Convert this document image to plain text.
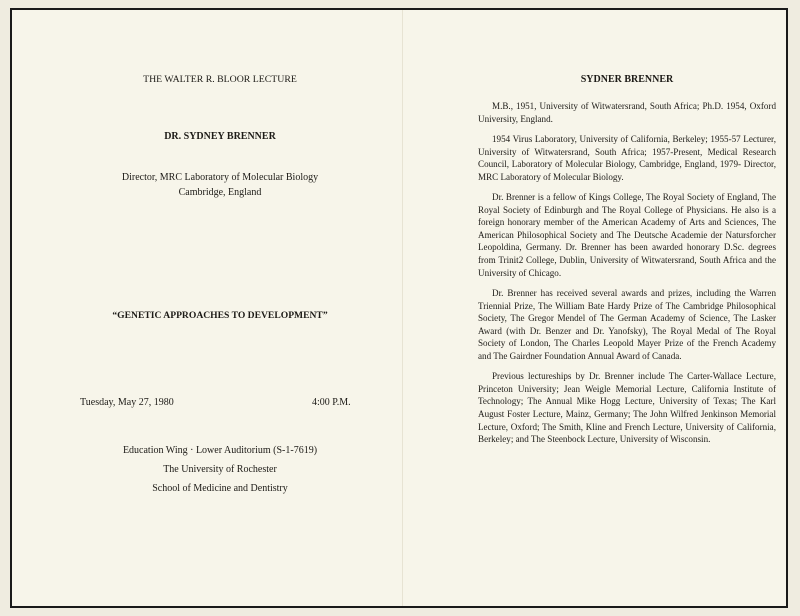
THE WALTER R. BLOOR LECTURE
DR. SYDNEY BRENNER
Director, MRC Laboratory of Molecular Biology
Cambridge, England
“GENETIC APPROACHES TO DEVELOPMENT”
Tuesday, May 27, 1980	4:00 P.M.
Education Wing · Lower Auditorium (S-1-7619)
The University of Rochester
School of Medicine and Dentistry
SYDNER BRENNER

M.B., 1951, University of Witwatersrand, South Africa; Ph.D. 1954, Oxford University, England.

1954 Virus Laboratory, University of California, Berkeley; 1955-57 Lecturer, University of Witwatersrand, South Africa; 1957-Present, Medical Research Council, Laboratory of Molecular Biology, Cambridge, England, 1979- Director, MRC Laboratory of Molecular Biology.

Dr. Brenner is a fellow of Kings College, The Royal Society of England, The Royal Society of Edinburgh and The Royal College of Physicians. He also is a foreign honorary member of the American Academy of Arts and Sciences, The American Philosophical Society and The Deutsche Academie der Natursforcher Leopoldina, Germany. Dr. Brenner has been awarded honorary D.Sc. degrees from Trinit2 College, Dublin, University of Witwatersrand, South Africa and the University of Chicago.

Dr. Brenner has received several awards and prizes, including the Warren Triennial Prize, The William Bate Hardy Prize of The Cambridge Philosophical Society, The Gregor Mendel of The German Academy of Science, The Lasker Award (with Dr. Benzer and Dr. Yanofsky), The Royal Medal of The Royal Society of London, The Charles Leopold Mayer Prize of the French Academy and The Gairdner Foundation Annual Award of Canada.

Previous lectureships by Dr. Brenner include The Carter-Wallace Lecture, Princeton University; Jean Weigle Memorial Lecture, California Institute of Technology; The Annual Mike Hogg Lecture, University of Texas; The Karl August Foster Lecture, Mainz, Germany; The John Wilfred Jenkinson Memorial Lecture, Oxford; The Smith, Kline and French Lecture, University of California, Berkeley; and The Steenbock Lecture, University of Wisconsin.
